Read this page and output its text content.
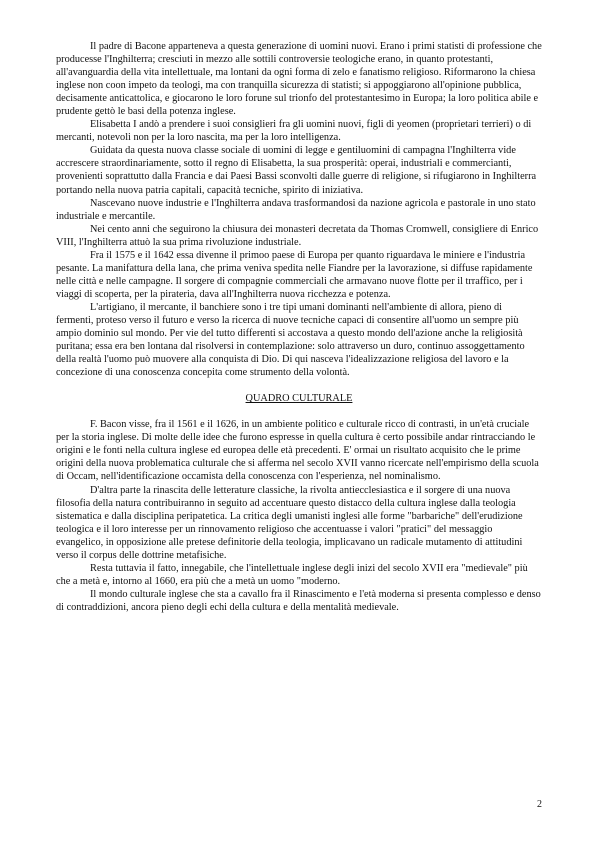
Il padre di Bacone apparteneva a questa generazione di uomini nuovi. Erano i primi statisti di professione che producesse l'Inghilterra; cresciuti in mezzo alle sottili controversie teologiche erano, in quanto protestanti, all'avanguardia della vita intellettuale, ma lontani da ogni forma di zelo e fanatismo religioso. Riformarono la chiesa inglese non coon impeto da teologi, ma con tranquilla sicurezza di statisti; si appoggiarono all'opinione pubblica, decisamente anticattolica, e giocarono le loro forune sul trionfo del protestantesimo in Europa; la loro politica abile e prudente gettò le basi della potenza inglese.

Elisabetta I andò a prendere i suoi consiglieri fra gli uomini nuovi, figli di yeomen (proprietari terrieri) o di mercanti, notevoli non per la loro nascita, ma per la loro intelligenza.

Guidata da questa nuova classe sociale di uomini di legge e gentiluomini di campagna l'Inghilterra vide accrescere straordinariamente, sotto il regno di Elisabetta, la sua prosperità: operai, industriali e commercianti, provenienti soprattutto dalla Francia e dai Paesi Bassi sconvolti dalle guerre di religione, si rifugiarono in Inghilterra portando nella nuova patria capitali, capacità tecniche, spirito di iniziativa.

Nascevano nuove industrie e l'Inghilterra andava trasformandosi da nazione agricola e pastorale in uno stato industriale e mercantile.

Nei cento anni che seguirono la chiusura dei monasteri decretata da Thomas Cromwell, consigliere di Enrico VIII, l'Inghilterra attuò la sua prima rivoluzione industriale.

Fra il 1575 e il 1642 essa divenne il primoo paese di Europa per quanto riguardava le miniere e l'industria pesante. La manifattura della lana, che prima veniva spedita nelle Fiandre per la lavorazione, si diffuse rapidamente nelle città e nelle campagne. Il sorgere di compagnie commerciali che armavano nuove flotte per il trraffico, per i viaggi di scoperta, per la pirateria, dava all'Inghilterra nuova ricchezza e potenza.

L'artigiano, il mercante, il banchiere sono i tre tipi umani dominanti nell'ambiente di allora, pieno di fermenti, proteso verso il futuro e verso la ricerca di nuove tecniche capaci di consentire all'uomo un sempre più ampio dominio sul mondo. Per vie del tutto differenti si accostava a questo mondo dell'azione anche la religiosità puritana; essa era ben lontana dal risolversi in contemplazione: solo attraverso un duro, continuo assoggettamento della realtà l'uomo può muovere alla conquista di Dio. Di qui nasceva l'idealizzazione religiosa del lavoro e la concezione di una conoscenza concepita come strumento della volontà.

QUADRO CULTURALE

F. Bacon visse, fra il 1561 e il 1626, in un ambiente politico e culturale ricco di contrasti, in un'età cruciale per la storia inglese. Di molte delle idee che furono espresse in quella cultura è certo possibile andar rintracciando le origini e le fonti nella cultura inglese ed europea delle età precedenti. E' ormai un risultato acquisito che le prime origini della nuova problematica culturale che si afferma nel secolo XVII vanno ricercate nell'empirismo della scuola di Occam, nell'identificazione occamista della conoscenza con l'esperienza, nel nominalismo.

D'altra parte la rinascita delle letterature classiche, la rivolta antiecclesiastica e il sorgere di una nuova filosofia della natura contribuiranno in seguito ad accentuare questo distacco della cultura inglese dalla teologia sistematica e dalla disciplina peripatetica. La critica degli umanisti inglesi alle forme "barbariche" dell'erudizione teologica e il loro interesse per un rinnovamento religioso che accentuasse i valori "pratici" del messaggio evangelico, in opposizione alle pretese definitorie della teologia, implicavano un radicale mutamento di attitudini verso il corpus delle dottrine metafisiche.

Resta tuttavia il fatto, innegabile, che l'intellettuale inglese degli inizi del secolo XVII era "medievale" più che a metà e, intorno al 1660, era più che a metà un uomo "moderno.

Il mondo culturale inglese che sta a cavallo fra il Rinascimento e l'età moderna si presenta complesso e denso di contraddizioni, ancora pieno degli echi della cultura e della mentalità medievale.

2
